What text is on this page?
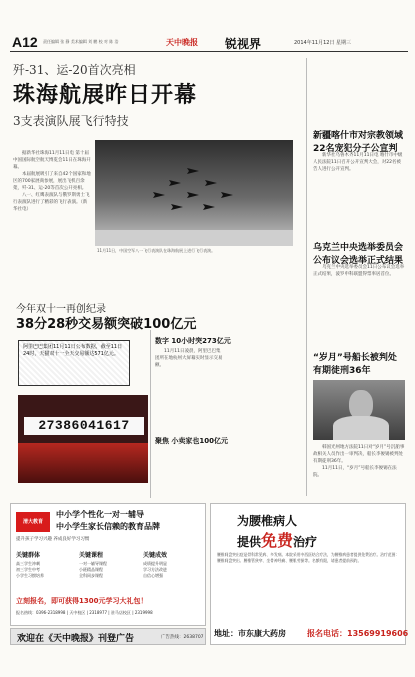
A12 责任编辑 张 静 美术编辑 刘 鹏 校 对 陈 浩	天中晚报 锐视界	2014年11月12日 星期三
歼-31、运-20首次亮相
珠海航展昨日开幕
3支表演队展飞行特技

据新华社珠海11月11日电 第十届中国国际航空航天博览会11日在珠海开幕。

本届航展吸引了来自42个国家和地区的700家展商参展，展出飞机百余架，歼-31、运-20等首次公开亮相。

八一、红鹰表演队与俄罗斯勇士飞行表演队进行了精彩的飞行表演。（新华社电）

11月11日，中国空军八一飞行表演队在珠海航展上进行飞行表演。
今年双十一再创纪录
38分28秒交易额突破100亿元
阿里巴巴集团11月11日公布数据，截至11日24时，天猫双十一全天交易额达571亿元。
27386041617
数字 10小时突273亿元

11月11日凌晨，阿里巴巴集团所在地杭州大屏幕实时显示交易额。

聚焦 小卖家也100亿元
新疆喀什市对宗教领域22名宠犯分子公宣判

新华社乌鲁木齐11月11日电 喀什市中级人民法院11日召开公开宣判大会，对22名被告人进行公开宣判。

乌克兰中央选举委员会公布议会选举正式结果

乌克兰中央选举委员会11日公布议会选举正式结果，波罗申科联盟得票率居首位。

“岁月”号船长被判处有期徒刑36年

韩国光州地方法院11日对“岁月”号沉船事故相关人员作出一审判决，船长李俊锡被判处有期徒刑36年。

11月11日，“岁月”号船长李俊锡在法院。

清大教育
中小学个性化一对一辅导
中小学生家长信赖的教育品牌
提升孩子学习兴趣 养成良好学习习惯
关键群体
高三学生冲刺
初三学生中考
小学生习惯培养
关键课程
一对一辅导课程
小班精品课程
全科同步课程
关键成效
成绩提升明显
学习方法改进
自信心增强
立刻报名，即可获得1300元学习大礼包！
报名热线：0396-2318998 | 天中校区 | 2318977 | 驻马店校区 | 2319998
为腰椎病人
提供免费治疗
腰椎间盘突出症是骨科常见病、多发病。本院采用中西医结合疗法，为腰椎病患者提供免费治疗。治疗范围：腰椎间盘突出、腰椎管狭窄、坐骨神经痛、腰肌劳损等。名额有限，请患者提前预约。
地址：市东康大药房	报名电话：13569919606
欢迎在《天中晚报》刊登广告	广告热线：2638707
